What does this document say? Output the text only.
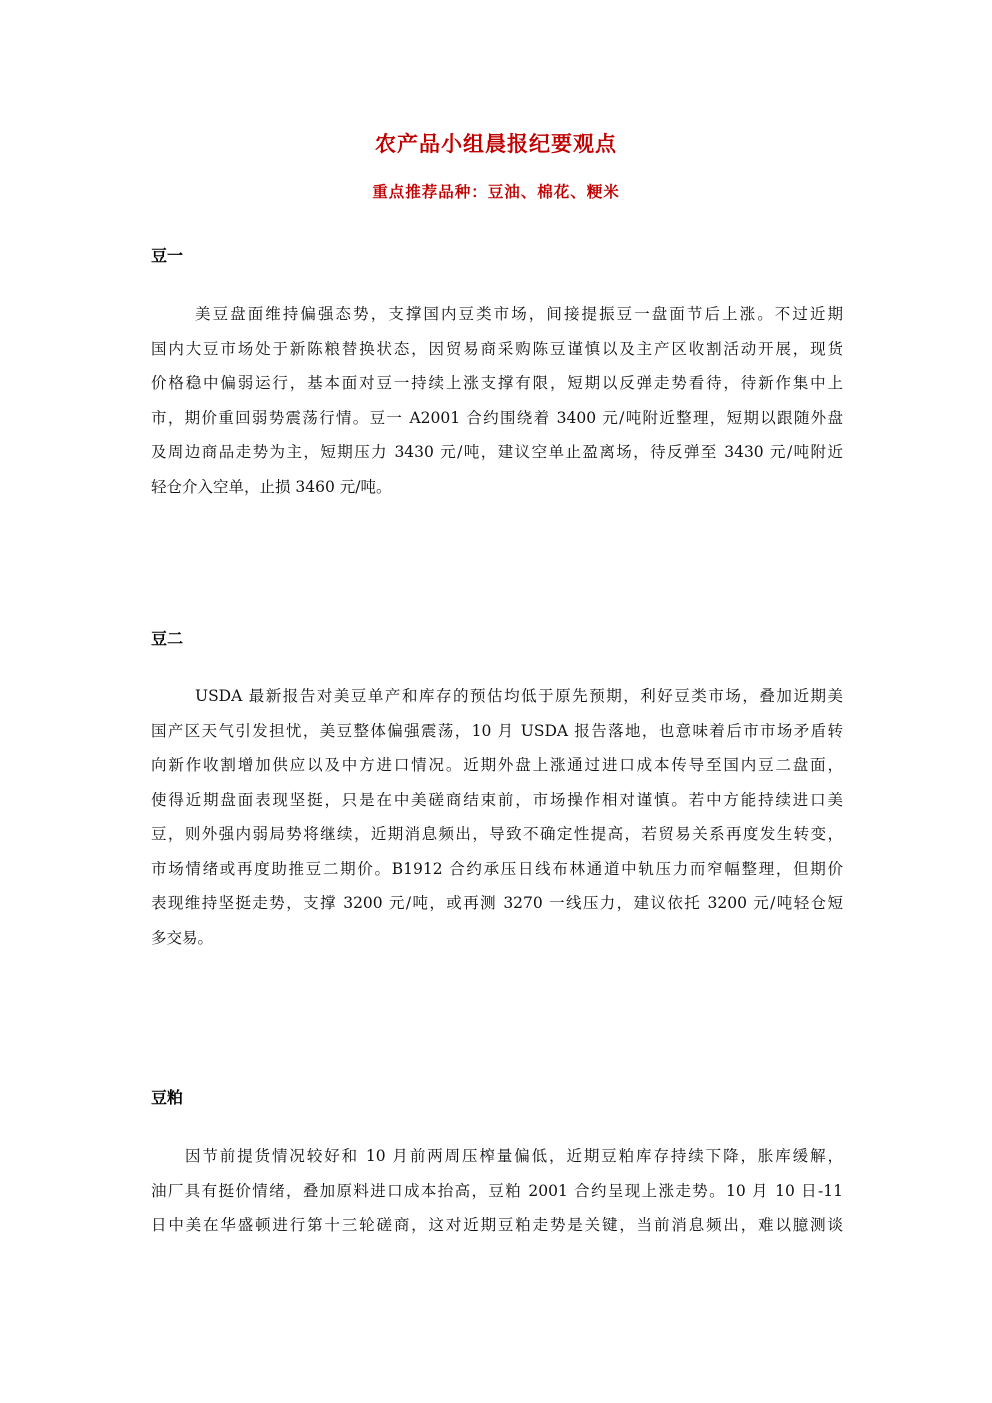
农产品小组晨报纪要观点
重点推荐品种：豆油、棉花、粳米
豆一
美豆盘面维持偏强态势，支撑国内豆类市场，间接提振豆一盘面节后上涨。不过近期
国内大豆市场处于新陈粮替换状态，因贸易商采购陈豆谨慎以及主产区收割活动开展，现货
价格稳中偏弱运行，基本面对豆一持续上涨支撑有限，短期以反弹走势看待，待新作集中上
市，期价重回弱势震荡行情。豆一 A2001 合约围绕着 3400 元/吨附近整理，短期以跟随外盘
及周边商品走势为主，短期压力 3430 元/吨，建议空单止盈离场，待反弹至 3430 元/吨附近
轻仓介入空单，止损 3460 元/吨。
豆二
USDA 最新报告对美豆单产和库存的预估均低于原先预期，利好豆类市场，叠加近期美
国产区天气引发担忧，美豆整体偏强震荡，10 月 USDA 报告落地，也意味着后市市场矛盾转
向新作收割增加供应以及中方进口情况。近期外盘上涨通过进口成本传导至国内豆二盘面，
使得近期盘面表现坚挺，只是在中美磋商结束前，市场操作相对谨慎。若中方能持续进口美
豆，则外强内弱局势将继续，近期消息频出，导致不确定性提高，若贸易关系再度发生转变，
市场情绪或再度助推豆二期价。B1912 合约承压日线布林通道中轨压力而窄幅整理，但期价
表现维持坚挺走势，支撑 3200 元/吨，或再测 3270 一线压力，建议依托 3200 元/吨轻仓短
多交易。
豆粕
因节前提货情况较好和 10 月前两周压榨量偏低，近期豆粕库存持续下降，胀库缓解，
油厂具有挺价情绪，叠加原料进口成本抬高，豆粕 2001 合约呈现上涨走势。10 月 10 日-11
日中美在华盛顿进行第十三轮磋商，这对近期豆粕走势是关键，当前消息频出，难以臆测谈
